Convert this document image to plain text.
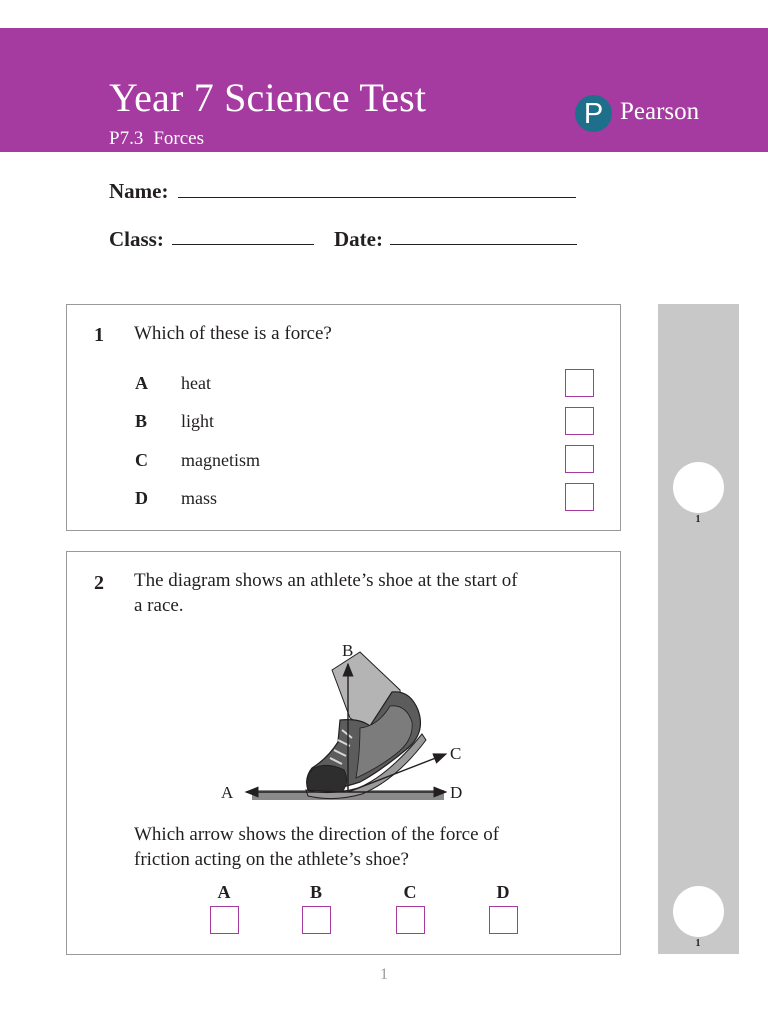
Year 7 Science Test
P7.3 Forces
P Pearson
Name:
Class:	Date:
1 Which of these is a force?
A heat
B light
C magnetism
D mass
2 The diagram shows an athlete’s shoe at the start of
a race.
Which arrow shows the direction of the force of
friction acting on the athlete’s shoe?
A	B	C	D
B
A
C
D
1
1
1
